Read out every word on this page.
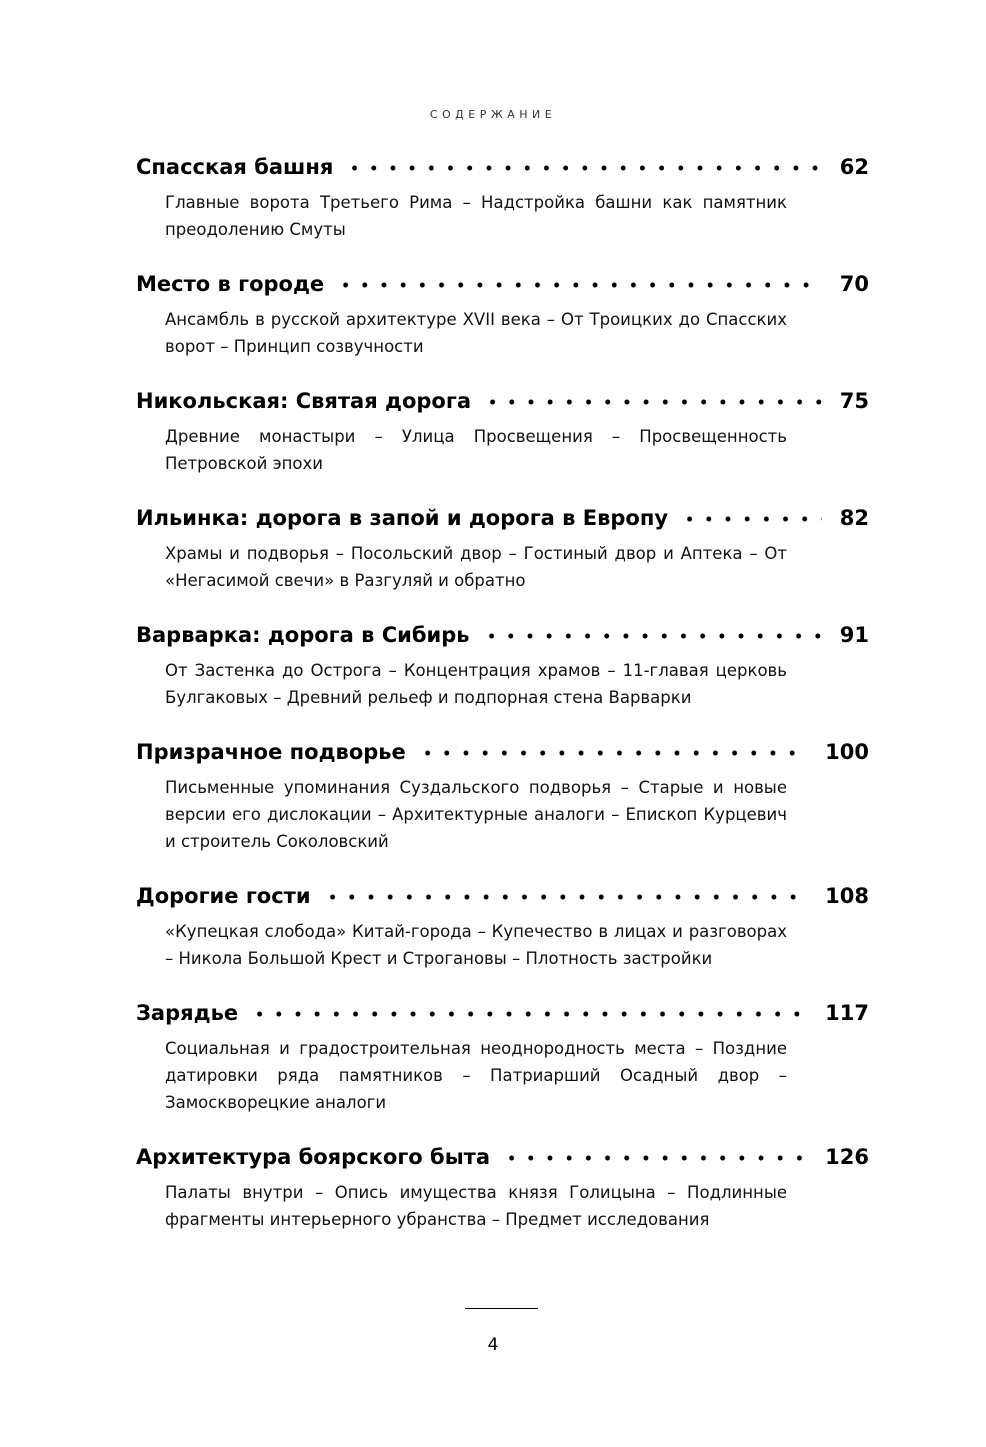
СОДЕРЖАНИЕ
Спасская башня	62
Главные ворота Третьего Рима – Надстройка башни как памятник преодолению Смуты
Место в городе	70
Ансамбль в русской архитектуре XVII века – От Троицких до Спасских ворот – Принцип созвучности
Никольская: Святая дорога	75
Древние монастыри – Улица Просвещения – Просвещенность Петровской эпохи
Ильинка: дорога в запой и дорога в Европу	82
Храмы и подворья – Посольский двор – Гостиный двор и Аптека – От «Негасимой свечи» в Разгуляй и обратно
Варварка: дорога в Сибирь	91
От Застенка до Острога – Концентрация храмов – 11-главая церковь Булгаковых – Древний рельеф и подпорная стена Варварки
Призрачное подворье	100
Письменные упоминания Суздальского подворья – Старые и новые версии его дислокации – Архитектурные аналоги – Епископ Курцевич и строитель Соколовский
Дорогие гости	108
«Купецкая слобода» Китай-города – Купечество в лицах и разговорах – Никола Большой Крест и Строгановы – Плотность застройки
Зарядье	117
Социальная и градостроительная неоднородность места – Поздние датировки ряда памятников – Патриарший Осадный двор – Замоскворецкие аналоги
Архитектура боярского быта	126
Палаты внутри – Опись имущества князя Голицына – Подлинные фрагменты интерьерного убранства – Предмет исследования
4
